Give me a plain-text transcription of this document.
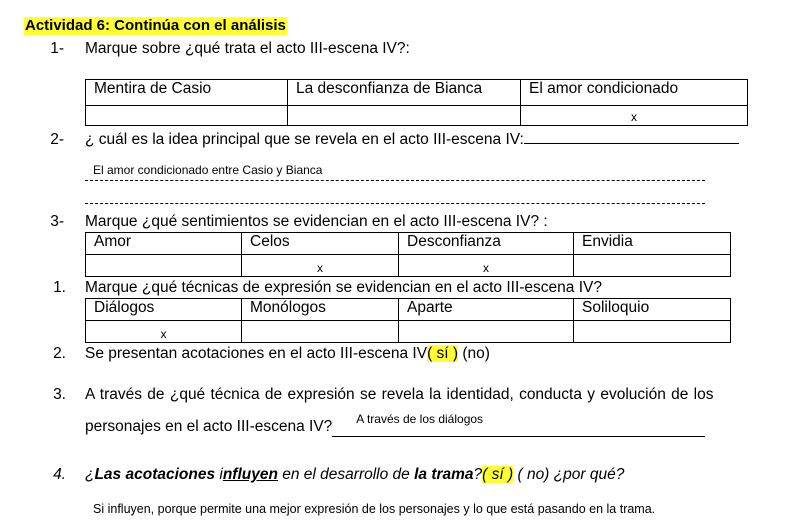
Actividad 6: Continúa con el análisis
1- Marque sobre ¿qué trata el acto III-escena IV?:
Mentira de Casio	La desconfianza de Bianca	El amor condicionado
		x
2- ¿ cuál es la idea principal que se revela en el acto III-escena IV:
El amor condicionado entre Casio y Bianca
3- Marque ¿qué sentimientos se evidencian en el acto III-escena IV? :
Amor	Celos	Desconfianza	Envidia
	x	x	
1. Marque ¿qué técnicas de expresión se evidencian en el acto III-escena IV?
Diálogos	Monólogos	Aparte	Soliloquio
x			
2. Se presentan acotaciones en el acto III-escena IV( sí ) (no)
3. A través de ¿qué técnica de expresión se revela la identidad, conducta y evolución de los
personajes en el acto III-escena IV? A través de los diálogos

4. ¿Las acotaciones influyen en el desarrollo de la trama?( sí ) ( no) ¿por qué?
Si influyen, porque permite una mejor expresión de los personajes y lo que está pasando en la trama.
